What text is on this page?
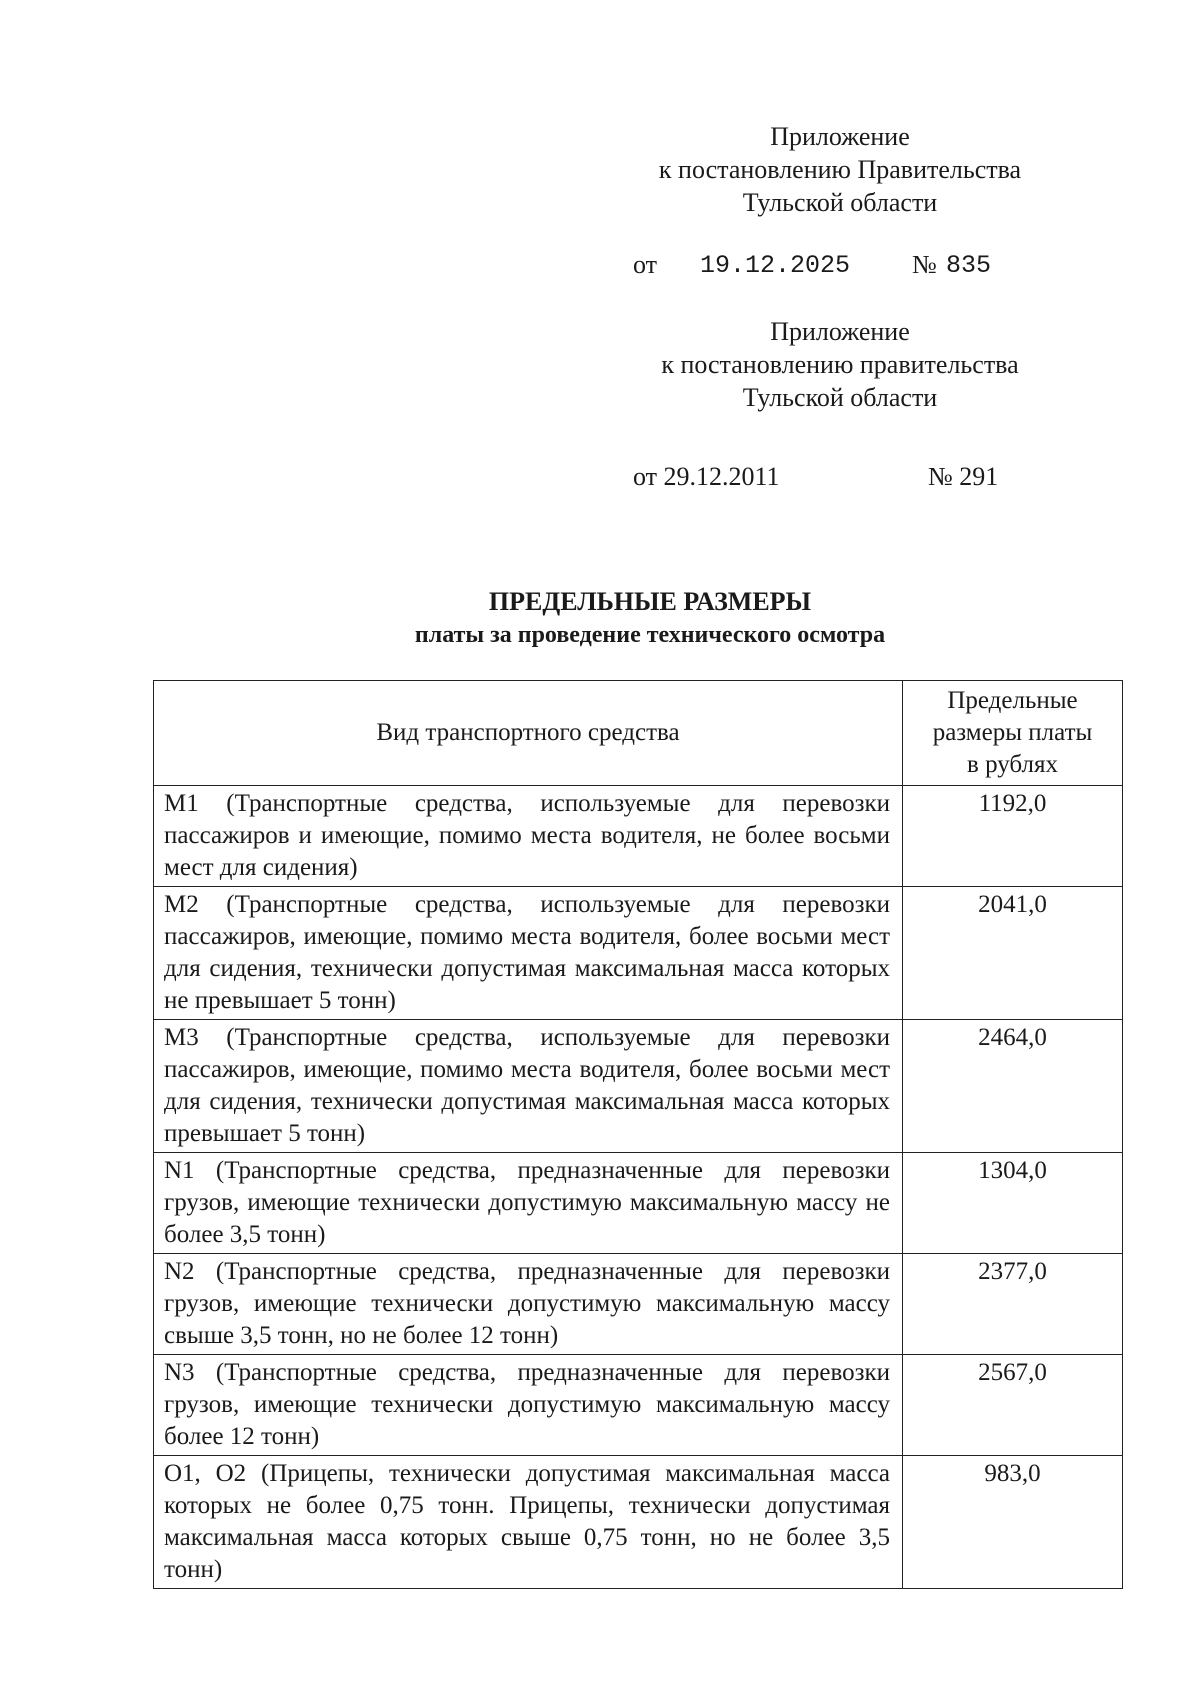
Приложение
к постановлению Правительства
Тульской области
от 19.12.2025 № 835
Приложение
к постановлению правительства
Тульской области
от 29.12.2011	№ 291
ПРЕДЕЛЬНЫЕ РАЗМЕРЫ
платы за проведение технического осмотра
Вид транспортного средства	Предельные
размеры платы
в рублях

М1 (Транспортные средства, используемые для перевозки пассажиров и имеющие, помимо места водителя, не более восьми мест для сидения)	1192,0
М2 (Транспортные средства, используемые для перевозки пассажиров, имеющие, помимо места водителя, более восьми мест для сидения, технически допустимая максимальная масса которых не превышает 5 тонн)	2041,0
М3 (Транспортные средства, используемые для перевозки пассажиров, имеющие, помимо места водителя, более восьми мест для сидения, технически допустимая максимальная масса которых превышает 5 тонн)	2464,0
N1 (Транспортные средства, предназначенные для перевозки грузов, имеющие технически допустимую максимальную массу не более 3,5 тонн)	1304,0
N2 (Транспортные средства, предназначенные для перевозки грузов, имеющие технически допустимую максимальную массу свыше 3,5 тонн, но не более 12 тонн)	2377,0
N3 (Транспортные средства, предназначенные для перевозки грузов, имеющие технически допустимую максимальную массу более 12 тонн)	2567,0
О1, О2 (Прицепы, технически допустимая максимальная масса которых не более 0,75 тонн. Прицепы, технически допустимая максимальная масса которых свыше 0,75 тонн, но не более 3,5 тонн)	983,0
